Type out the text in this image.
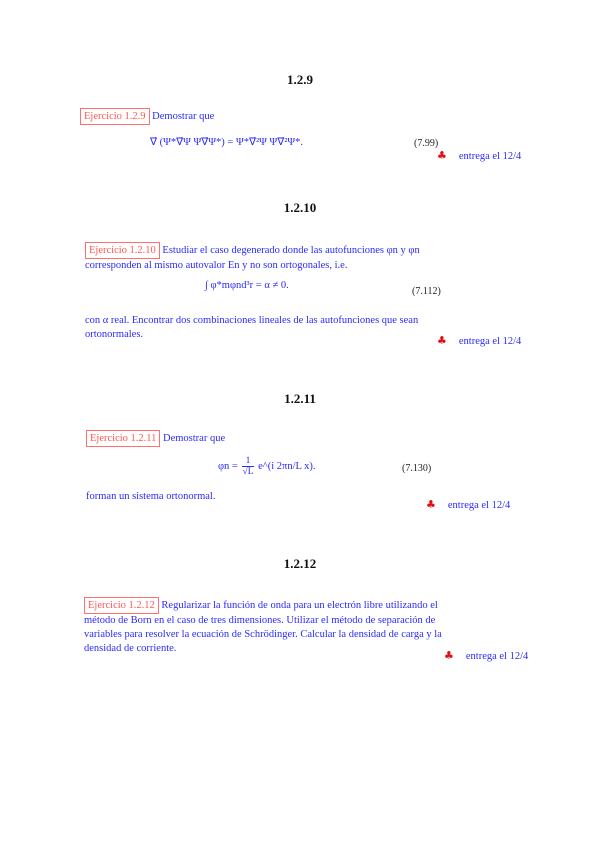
1.2.9
Ejercicio 1.2.9 Demostrar que
∇⃗ (Ψ*∇⃗Ψ Ψ∇⃗Ψ*) = Ψ*∇⃗²Ψ Ψ∇⃗²Ψ*.	(7.99)
♣ entrega el 12/4
1.2.10
Ejercicio 1.2.10 Estudiar el caso degenerado donde las autofunciones φn y φn corresponden al mismo autovalor En y no son ortogonales, i.e.
∫ φ*mφnd³r = α ≠ 0.
(7.112)
con α real. Encontrar dos combinaciones lineales de las autofunciones que sean ortonormales.	♣ entrega el 12/4
1.2.11
Ejercicio 1.2.11 Demostrar que
$\varphi n = \frac{1}{√L}$ e^(i 2πn/L x).	(7.130)
forman un sistema ortonormal.
♣ entrega el 12/4
1.2.12
Ejercicio 1.2.12 Regularizar la función de onda para un electrón libre utilizando el método de Born en el caso de tres dimensiones. Utilizar el método de separación de variables para resolver la ecuación de Schrödinger. Calcular la densidad de carga y la densidad de corriente.
♣ entrega el 12/4
